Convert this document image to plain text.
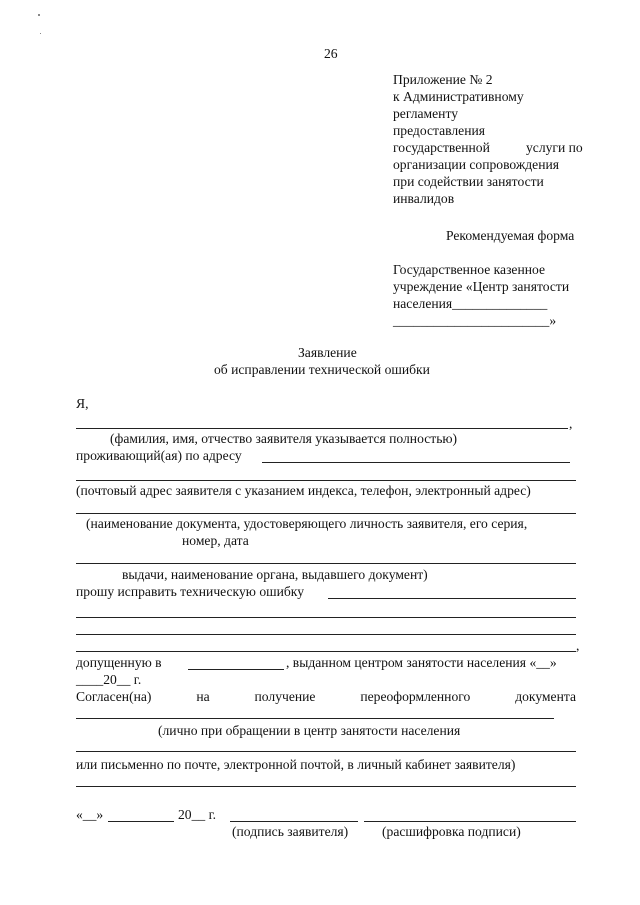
26
Приложение № 2
к Административному
регламенту
предоставления
государственной	услуги по
организации сопровождения
при содействии занятости
инвалидов
Рекомендуемая форма
Государственное казенное
учреждение «Центр занятости
населения______________
_______________________»
Заявление
об исправлении технической ошибки
Я,
,
(фамилия, имя, отчество заявителя указывается полностью)
проживающий(ая) по адресу
(почтовый адрес заявителя с указанием индекса, телефон, электронный адрес)
(наименование документа, удостоверяющего личность заявителя, его серия,
номер, дата
выдачи, наименование органа, выдавшего документ)
прошу исправить техническую ошибку
,
допущенную в	, выданном центром занятости населения «__»
____20__ г.
Согласен(на)	на	получение	переоформленного	документа
(лично при обращении в центр занятости населения
или письменно по почте, электронной почтой, в личный кабинет заявителя)
«__»	20__ г.
(подпись заявителя) (расшифровка подписи)
